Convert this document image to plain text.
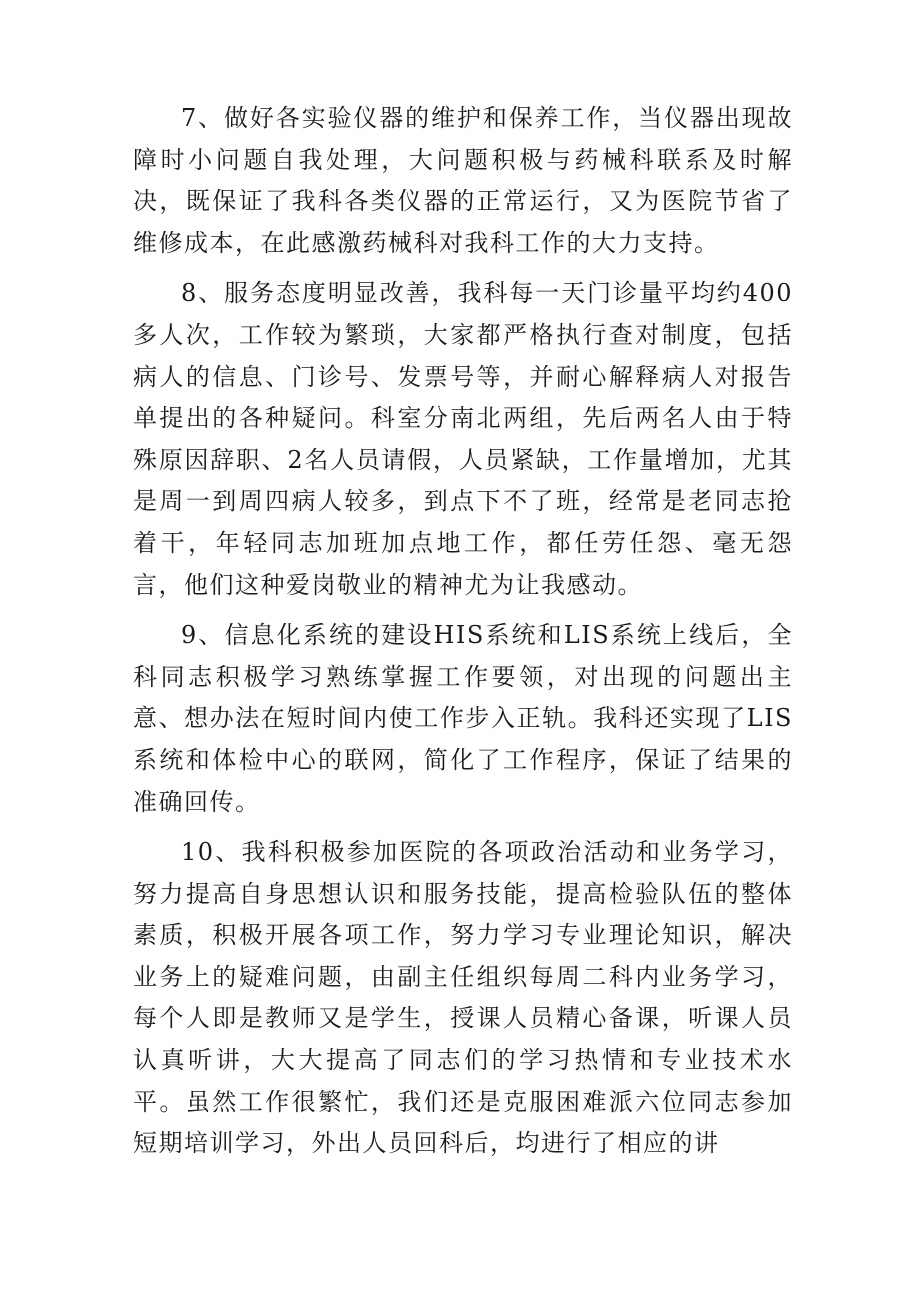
7、做好各实验仪器的维护和保养工作，当仪器出现故障时小问题自我处理，大问题积极与药械科联系及时解决，既保证了我科各类仪器的正常运行，又为医院节省了维修成本，在此感激药械科对我科工作的大力支持。

8、服务态度明显改善，我科每一天门诊量平均约400多人次，工作较为繁琐，大家都严格执行查对制度，包括病人的信息、门诊号、发票号等，并耐心解释病人对报告单提出的各种疑问。科室分南北两组，先后两名人由于特殊原因辞职、2名人员请假，人员紧缺，工作量增加，尤其是周一到周四病人较多，到点下不了班，经常是老同志抢着干，年轻同志加班加点地工作，都任劳任怨、毫无怨言，他们这种爱岗敬业的精神尤为让我感动。

9、信息化系统的建设HIS系统和LIS系统上线后，全科同志积极学习熟练掌握工作要领，对出现的问题出主意、想办法在短时间内使工作步入正轨。我科还实现了LIS系统和体检中心的联网，简化了工作程序，保证了结果的准确回传。

10、我科积极参加医院的各项政治活动和业务学习，努力提高自身思想认识和服务技能，提高检验队伍的整体素质，积极开展各项工作，努力学习专业理论知识，解决业务上的疑难问题，由副主任组织每周二科内业务学习，每个人即是教师又是学生，授课人员精心备课，听课人员认真听讲，大大提高了同志们的学习热情和专业技术水平。虽然工作很繁忙，我们还是克服困难派六位同志参加短期培训学习，外出人员回科后，均进行了相应的讲
